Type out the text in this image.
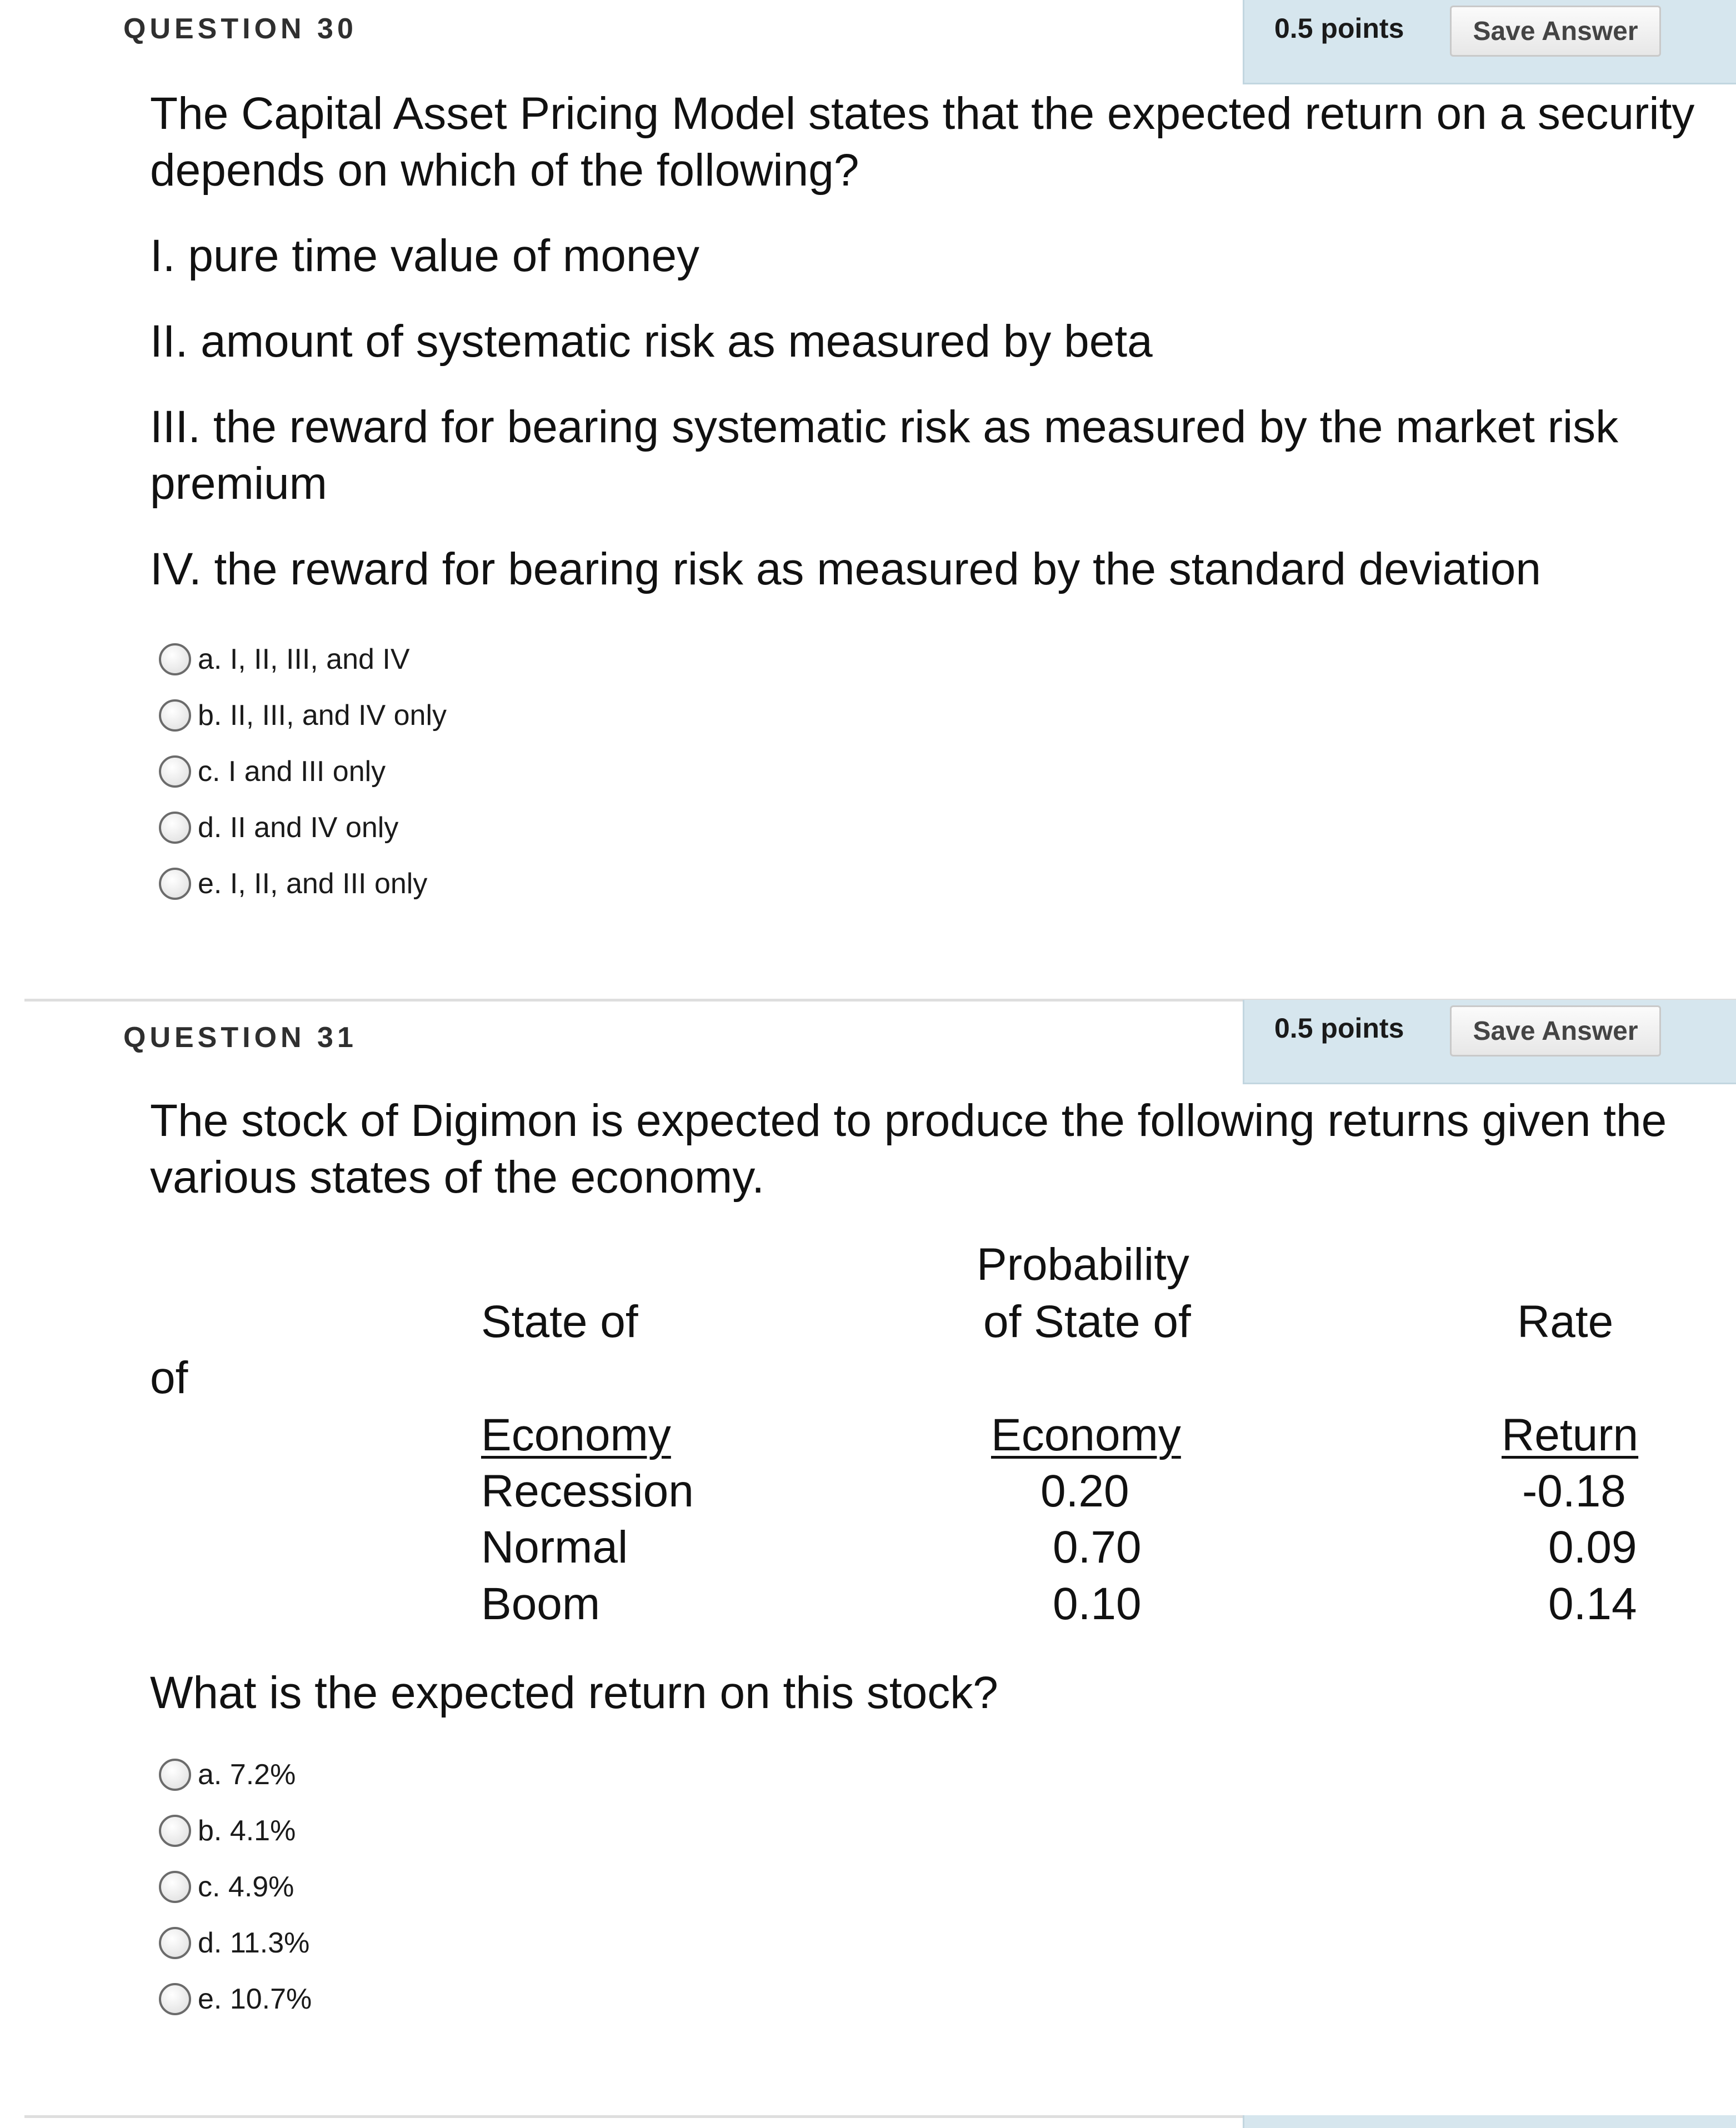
QUESTION 30	0.5 points	Save Answer

The Capital Asset Pricing Model states that the expected return on a security depends on which of the following?

I. pure time value of money

II. amount of systematic risk as measured by beta

III. the reward for bearing systematic risk as measured by the market risk premium

IV. the reward for bearing risk as measured by the standard deviation

a. I, II, III, and IV
b. II, III, and IV only
c. I and III only
d. II and IV only
e. I, II, and III only
QUESTION 31	0.5 points	Save Answer

The stock of Digimon is expected to produce the following returns given the various states of the economy.

Probability
State of	of State of	Rate
of
Economy	Economy	Return
Recession	0.20	-0.18
Normal	0.70	0.09
Boom	0.10	0.14
What is the expected return on this stock?
a. 7.2%
b. 4.1%
c. 4.9%
d. 11.3%
e. 10.7%
